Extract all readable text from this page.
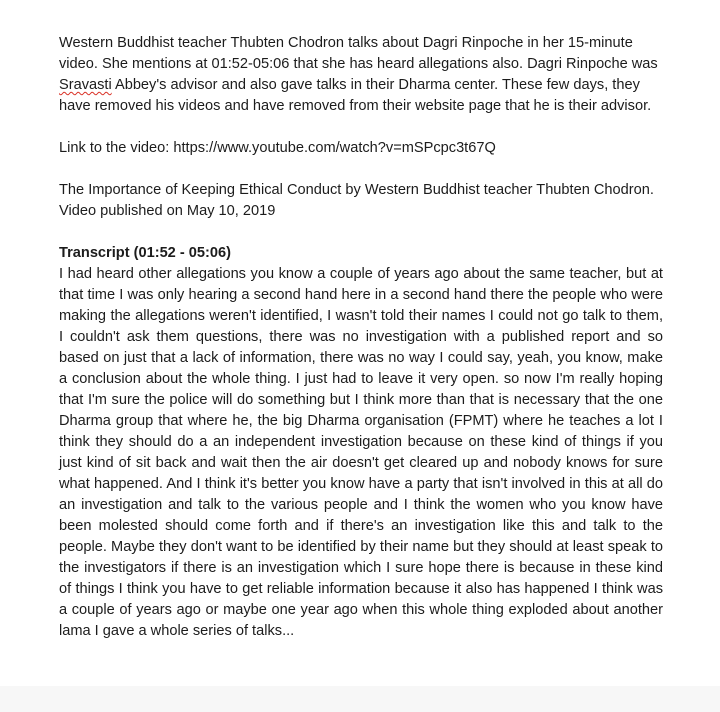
Western Buddhist teacher Thubten Chodron talks about Dagri Rinpoche in her 15-minute video. She mentions at 01:52-05:06 that she has heard allegations also. Dagri Rinpoche was Sravasti Abbey's advisor and also gave talks in their Dharma center. These few days, they have removed his videos and have removed from their website page that he is their advisor.

Link to the video: https://www.youtube.com/watch?v=mSPcpc3t67Q

The Importance of Keeping Ethical Conduct by Western Buddhist teacher Thubten Chodron. Video published on May 10, 2019

Transcript (01:52 - 05:06)

I had heard other allegations you know a couple of years ago about the same teacher, but at that time I was only hearing a second hand here in a second hand there the people who were making the allegations weren't identified, I wasn't told their names I could not go talk to them, I couldn't ask them questions, there was no investigation with a published report and so based on just that a lack of information, there was no way I could say, yeah, you know, make a conclusion about the whole thing. I just had to leave it very open. so now I'm really hoping that I'm sure the police will do something but I think more than that is necessary that the one Dharma group that where he, the big Dharma organisation (FPMT) where he teaches a lot I think they should do a an independent investigation because on these kind of things if you just kind of sit back and wait then the air doesn't get cleared up and nobody knows for sure what happened. And I think it's better you know have a party that isn't involved in this at all do an investigation and talk to the various people and I think the women who you know have been molested should come forth and if there's an investigation like this and talk to the people. Maybe they don't want to be identified by their name but they should at least speak to the investigators if there is an investigation which I sure hope there is because in these kind of things I think you have to get reliable information because it also has happened I think was a couple of years ago or maybe one year ago when this whole thing exploded about another lama I gave a whole series of talks...
